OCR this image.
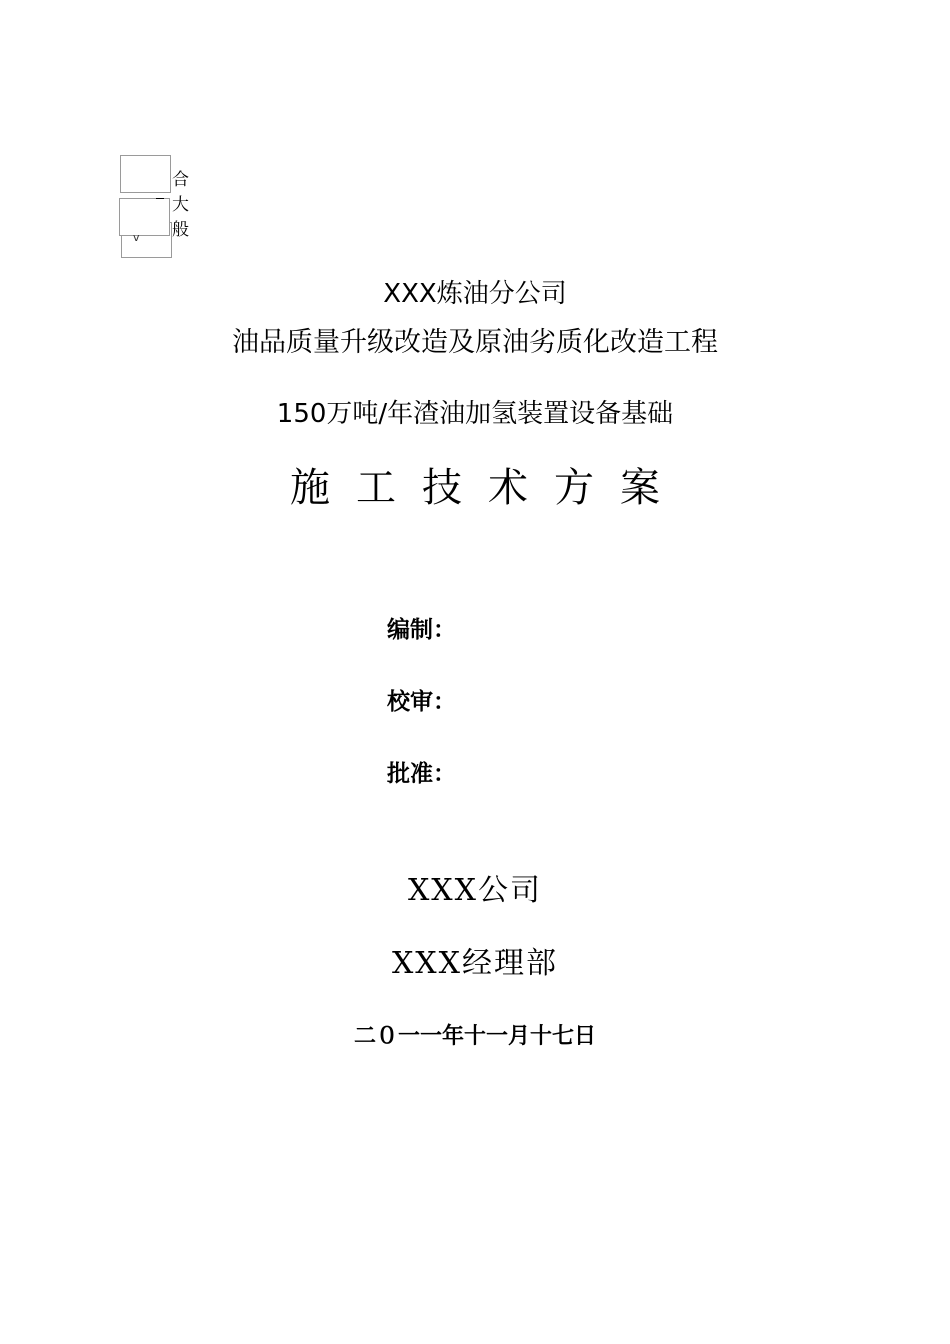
v
合
大
般
XXX炼油分公司
油品质量升级改造及原油劣质化改造工程
150万吨/年渣油加氢装置设备基础
施工技术方案
编制：
校审：
批准：
XXX公司
XXX经理部
二０一一年十一月十七日
